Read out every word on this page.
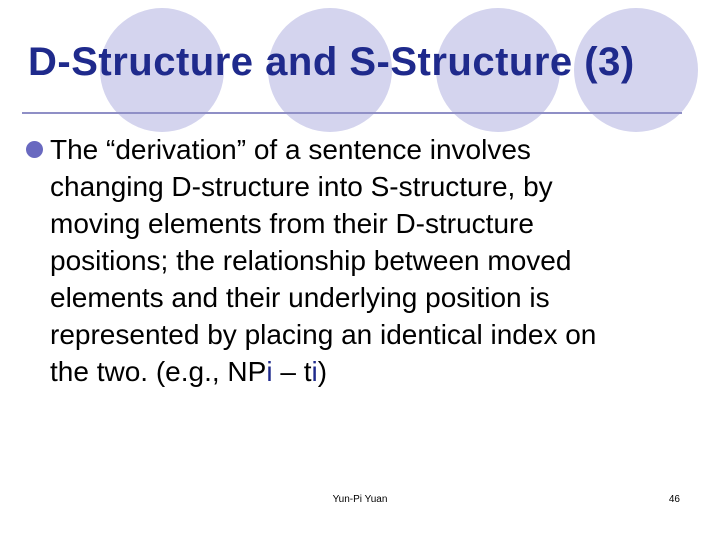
D-Structure and S-Structure (3)
The “derivation” of a sentence involves
changing D-structure into S-structure, by
moving elements from their D-structure
positions; the relationship between moved
elements and their underlying position is
represented by placing an identical index on
the two. (e.g., NPi – ti)
Yun-Pi Yuan	46
